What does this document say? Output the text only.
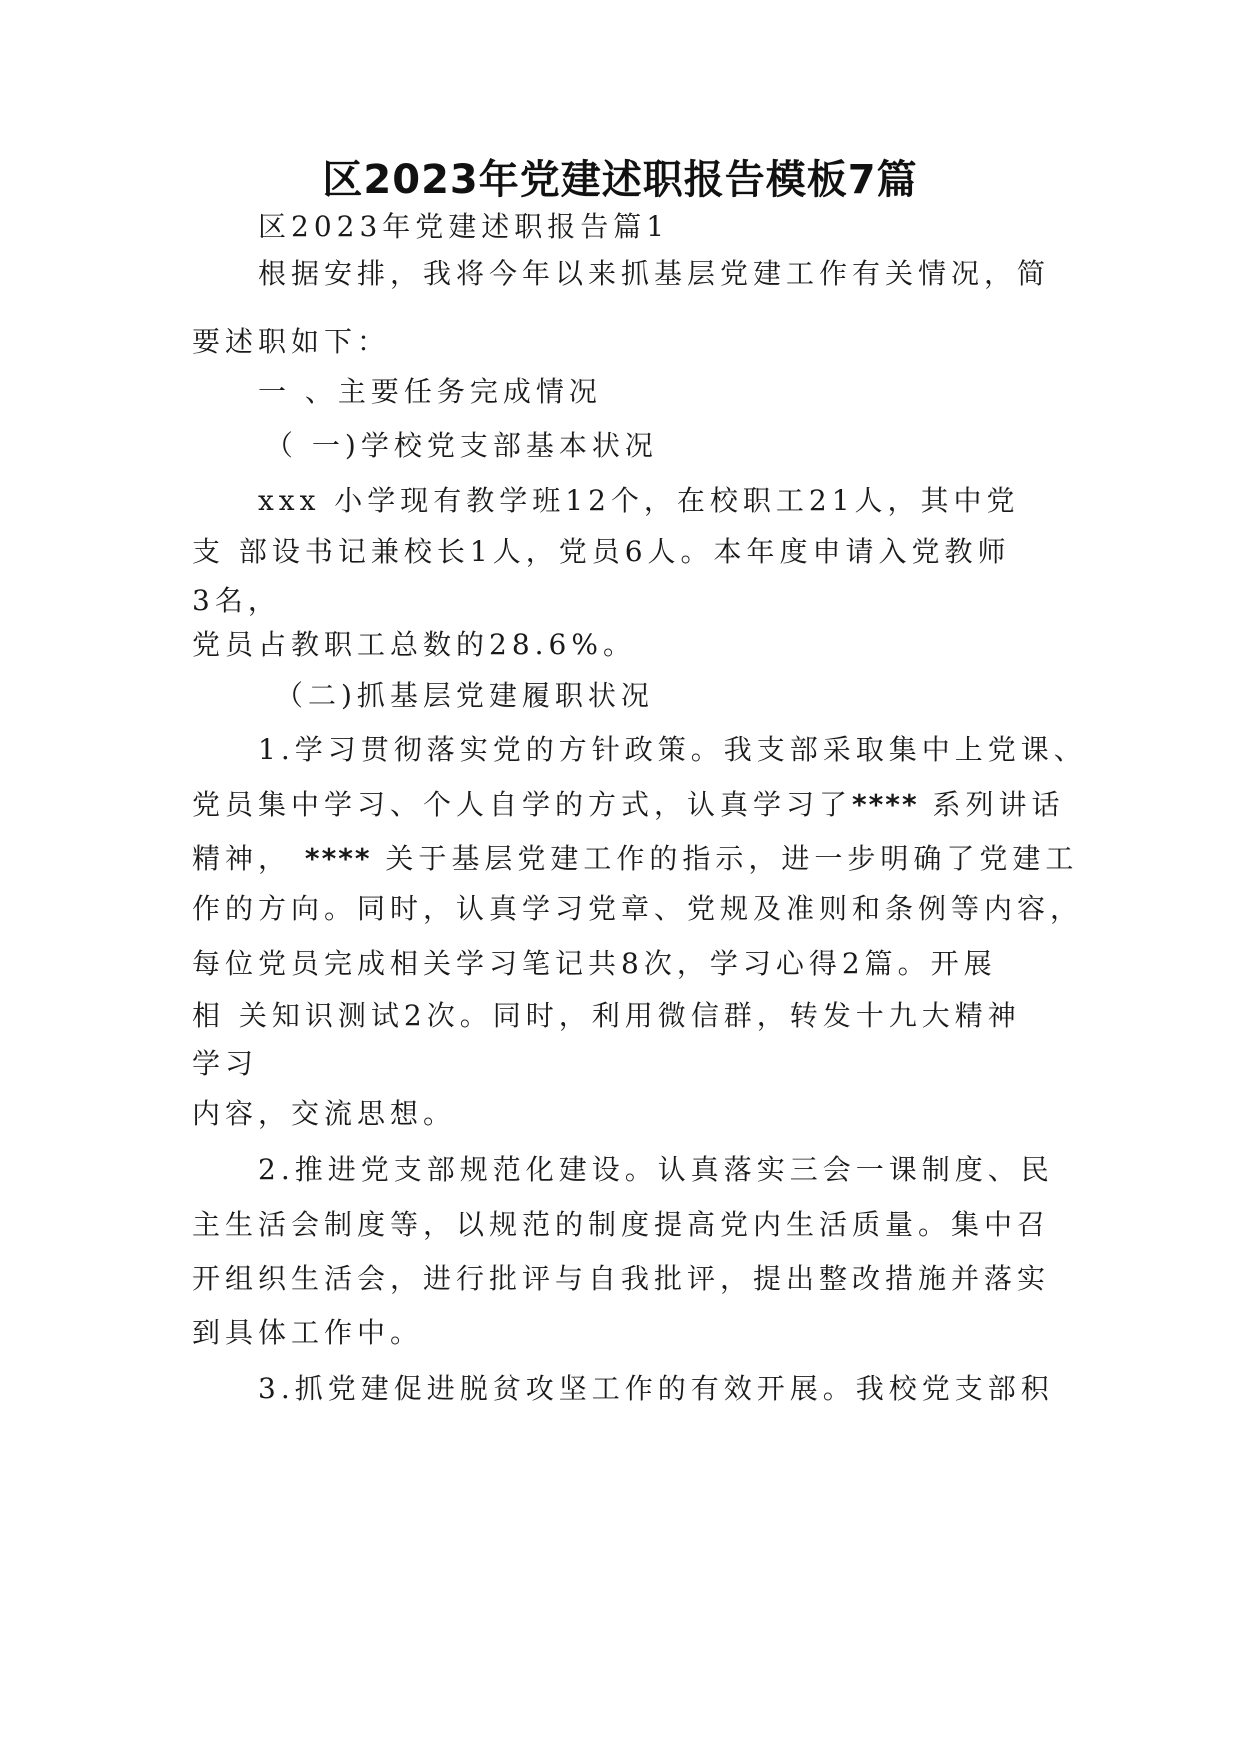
区2023年党建述职报告模板7篇
区2023年党建述职报告篇1
根据安排，我将今年以来抓基层党建工作有关情况，简
要述职如下：
一 、主要任务完成情况
（ 一)学校党支部基本状况
xxx 小学现有教学班12个，在校职工21人，其中党
支 部设书记兼校长1人，党员6人。本年度申请入党教师
3名，
党员占教职工总数的28.6%。
（二)抓基层党建履职状况
1.学习贯彻落实党的方针政策。我支部采取集中上党课、
党员集中学习、个人自学的方式，认真学习了**** 系列讲话
精神， **** 关于基层党建工作的指示，进一步明确了党建工
作的方向。同时，认真学习党章、党规及准则和条例等内容，
每位党员完成相关学习笔记共8次，学习心得2篇。开展
相 关知识测试2次。同时，利用微信群，转发十九大精神
学习
内容，交流思想。
2.推进党支部规范化建设。认真落实三会一课制度、民
主生活会制度等，以规范的制度提高党内生活质量。集中召
开组织生活会，进行批评与自我批评，提出整改措施并落实
到具体工作中。
3.抓党建促进脱贫攻坚工作的有效开展。我校党支部积
